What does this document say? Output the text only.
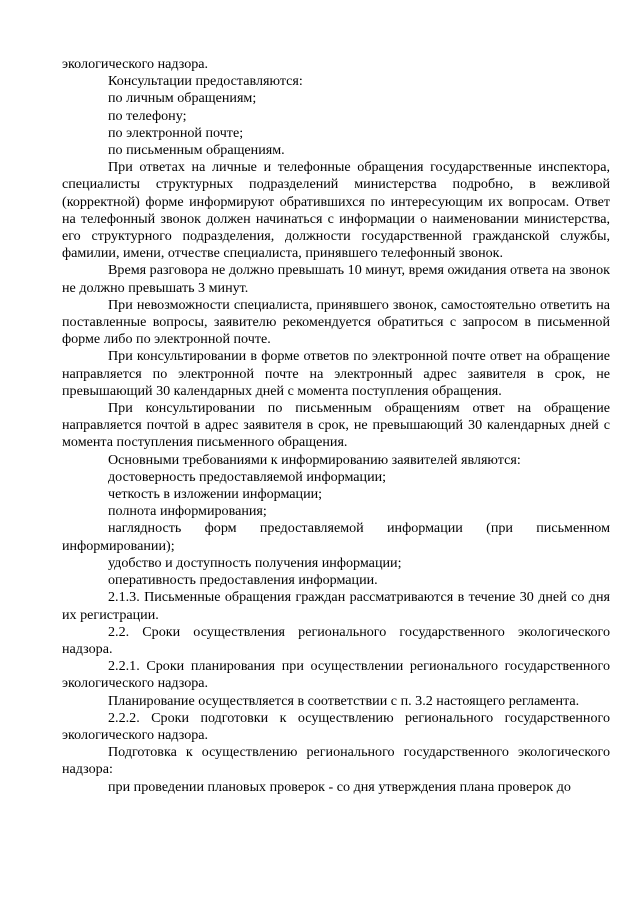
экологического надзора.

Консультации предоставляются:

по личным обращениям;

по телефону;

по электронной почте;

по письменным обращениям.

При ответах на личные и телефонные обращения государственные инспектора, специалисты структурных подразделений министерства подробно, в вежливой (корректной) форме информируют обратившихся по интересующим их вопросам. Ответ на телефонный звонок должен начинаться с информации о наименовании министерства, его структурного подразделения, должности государственной гражданской службы, фамилии, имени, отчестве специалиста, принявшего телефонный звонок.

Время разговора не должно превышать 10 минут, время ожидания ответа на звонок не должно превышать 3 минут.

При невозможности специалиста, принявшего звонок, самостоятельно ответить на поставленные вопросы, заявителю рекомендуется обратиться с запросом в письменной форме либо по электронной почте.

При консультировании в форме ответов по электронной почте ответ на обращение направляется по электронной почте на электронный адрес заявителя в срок, не превышающий 30 календарных дней с момента поступления обращения.

При консультировании по письменным обращениям ответ на обращение направляется почтой в адрес заявителя в срок, не превышающий 30 календарных дней с момента поступления письменного обращения.

Основными требованиями к информированию заявителей являются:

достоверность предоставляемой информации;

четкость в изложении информации;

полнота информирования;

наглядность форм предоставляемой информации (при письменном информировании);

удобство и доступность получения информации;

оперативность предоставления информации.

2.1.3. Письменные обращения граждан рассматриваются в течение 30 дней со дня их регистрации.

2.2. Сроки осуществления регионального государственного экологического надзора.

2.2.1. Сроки планирования при осуществлении регионального государственного экологического надзора.

Планирование осуществляется в соответствии с п. 3.2 настоящего регламента.

2.2.2. Сроки подготовки к осуществлению регионального государственного экологического надзора.

Подготовка к осуществлению регионального государственного экологического надзора:

при проведении плановых проверок - со дня утверждения плана проверок до
